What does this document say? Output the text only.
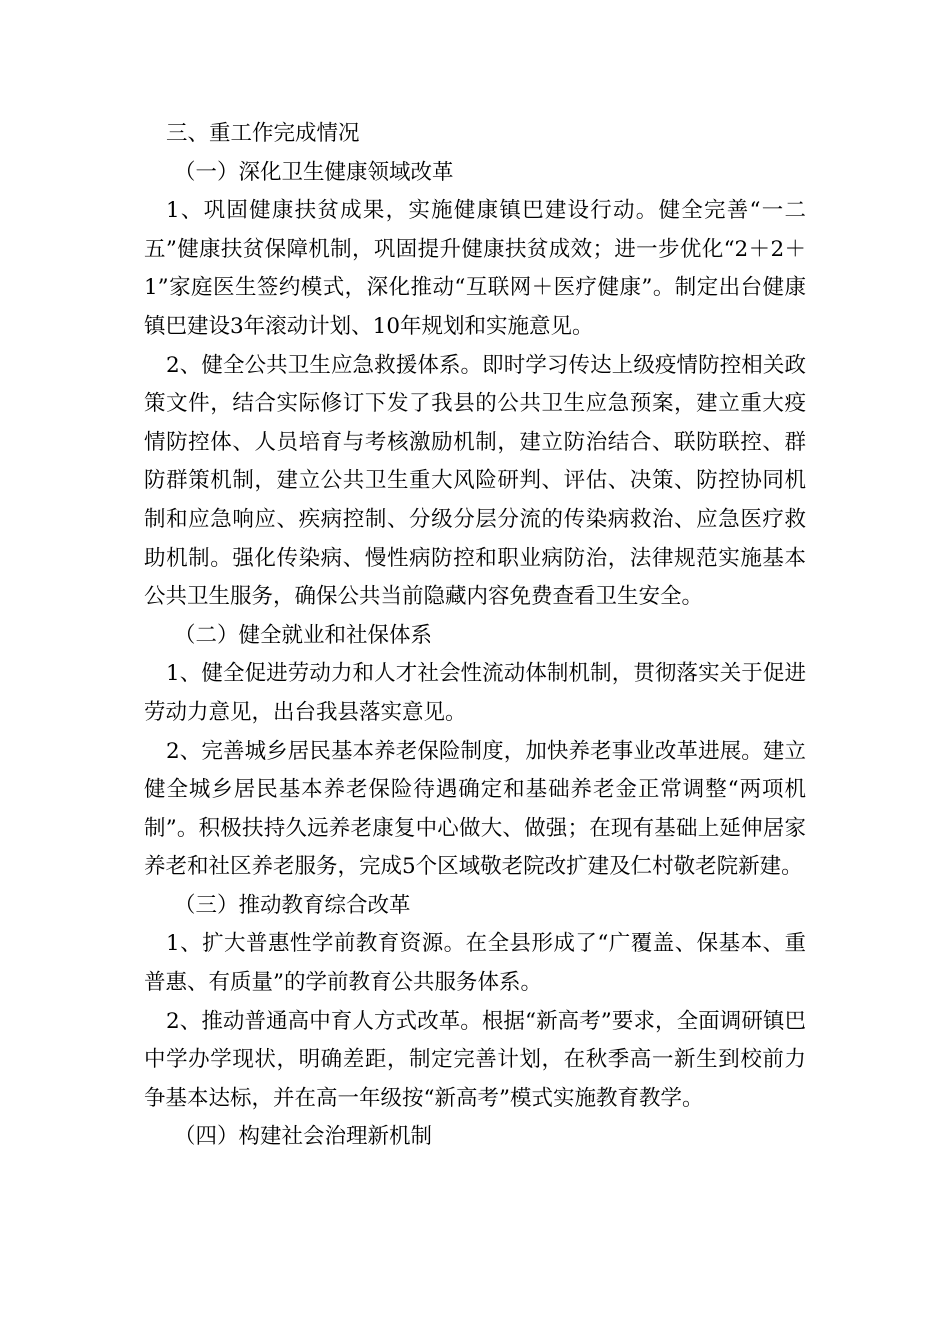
三、重工作完成情况

（一）深化卫生健康领域改革

1、巩固健康扶贫成果，实施健康镇巴建设行动。健全完善“一二五”健康扶贫保障机制，巩固提升健康扶贫成效；进一步优化“2＋2＋1”家庭医生签约模式，深化推动“互联网＋医疗健康”。制定出台健康镇巴建设3年滚动计划、10年规划和实施意见。

2、健全公共卫生应急救援体系。即时学习传达上级疫情防控相关政策文件，结合实际修订下发了我县的公共卫生应急预案，建立重大疫情防控体、人员培育与考核激励机制，建立防治结合、联防联控、群防群策机制，建立公共卫生重大风险研判、评估、决策、防控协同机制和应急响应、疾病控制、分级分层分流的传染病救治、应急医疗救助机制。强化传染病、慢性病防控和职业病防治，法律规范实施基本公共卫生服务，确保公共当前隐藏内容免费查看卫生安全。

（二）健全就业和社保体系

1、健全促进劳动力和人才社会性流动体制机制，贯彻落实关于促进劳动力意见，出台我县落实意见。

2、完善城乡居民基本养老保险制度，加快养老事业改革进展。建立健全城乡居民基本养老保险待遇确定和基础养老金正常调整“两项机制”。积极扶持久远养老康复中心做大、做强；在现有基础上延伸居家养老和社区养老服务，完成5个区域敬老院改扩建及仁村敬老院新建。

（三）推动教育综合改革

1、扩大普惠性学前教育资源。在全县形成了“广覆盖、保基本、重普惠、有质量”的学前教育公共服务体系。

2、推动普通高中育人方式改革。根据“新高考”要求，全面调研镇巴中学办学现状，明确差距，制定完善计划，在秋季高一新生到校前力争基本达标，并在高一年级按“新高考”模式实施教育教学。

（四）构建社会治理新机制
